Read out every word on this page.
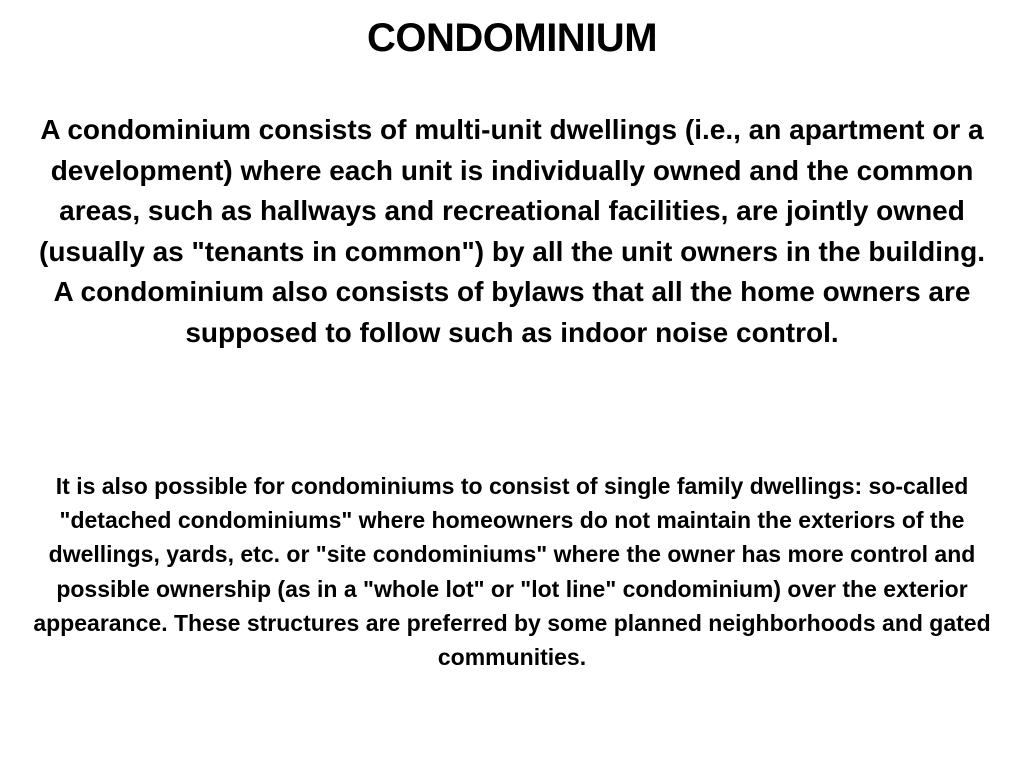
CONDOMINIUM
A condominium consists of multi-unit dwellings (i.e., an apartment or a development) where each unit is individually owned and the common areas, such as hallways and recreational facilities, are jointly owned (usually as "tenants in common") by all the unit owners in the building.
A condominium also consists of bylaws that all the home owners are supposed to follow such as indoor noise control.

It is also possible for condominiums to consist of single family dwellings: so-called "detached condominiums" where homeowners do not maintain the exteriors of the dwellings, yards, etc. or "site condominiums" where the owner has more control and possible ownership (as in a "whole lot" or "lot line" condominium) over the exterior appearance. These structures are preferred by some planned neighborhoods and gated communities.
